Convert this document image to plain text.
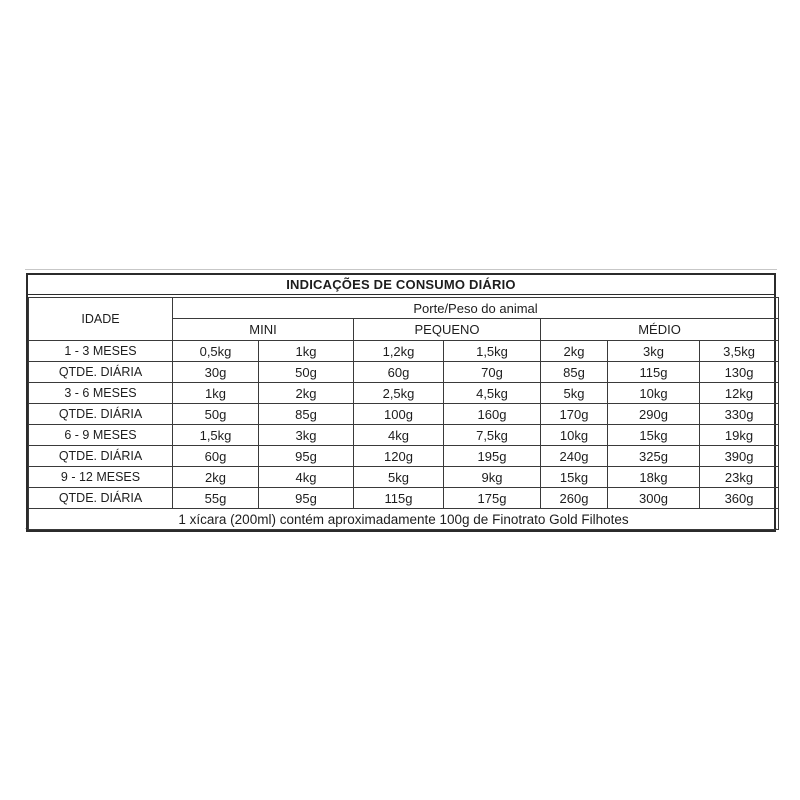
INDICAÇÕES DE CONSUMO DIÁRIO
IDADE	Porte/Peso do animal						
	MINI		PEQUENO		MÉDIO		
1 - 3 MESES	0,5kg	1kg	1,2kg	1,5kg	2kg	3kg	3,5kg
QTDE. DIÁRIA	30g	50g	60g	70g	85g	115g	130g
3 - 6 MESES	1kg	2kg	2,5kg	4,5kg	5kg	10kg	12kg
QTDE. DIÁRIA	50g	85g	100g	160g	170g	290g	330g
6 - 9 MESES	1,5kg	3kg	4kg	7,5kg	10kg	15kg	19kg
QTDE. DIÁRIA	60g	95g	120g	195g	240g	325g	390g
9 - 12 MESES	2kg	4kg	5kg	9kg	15kg	18kg	23kg
QTDE. DIÁRIA	55g	95g	115g	175g	260g	300g	360g
1 xícara (200ml) contém aproximadamente 100g de Finotrato Gold Filhotes							
